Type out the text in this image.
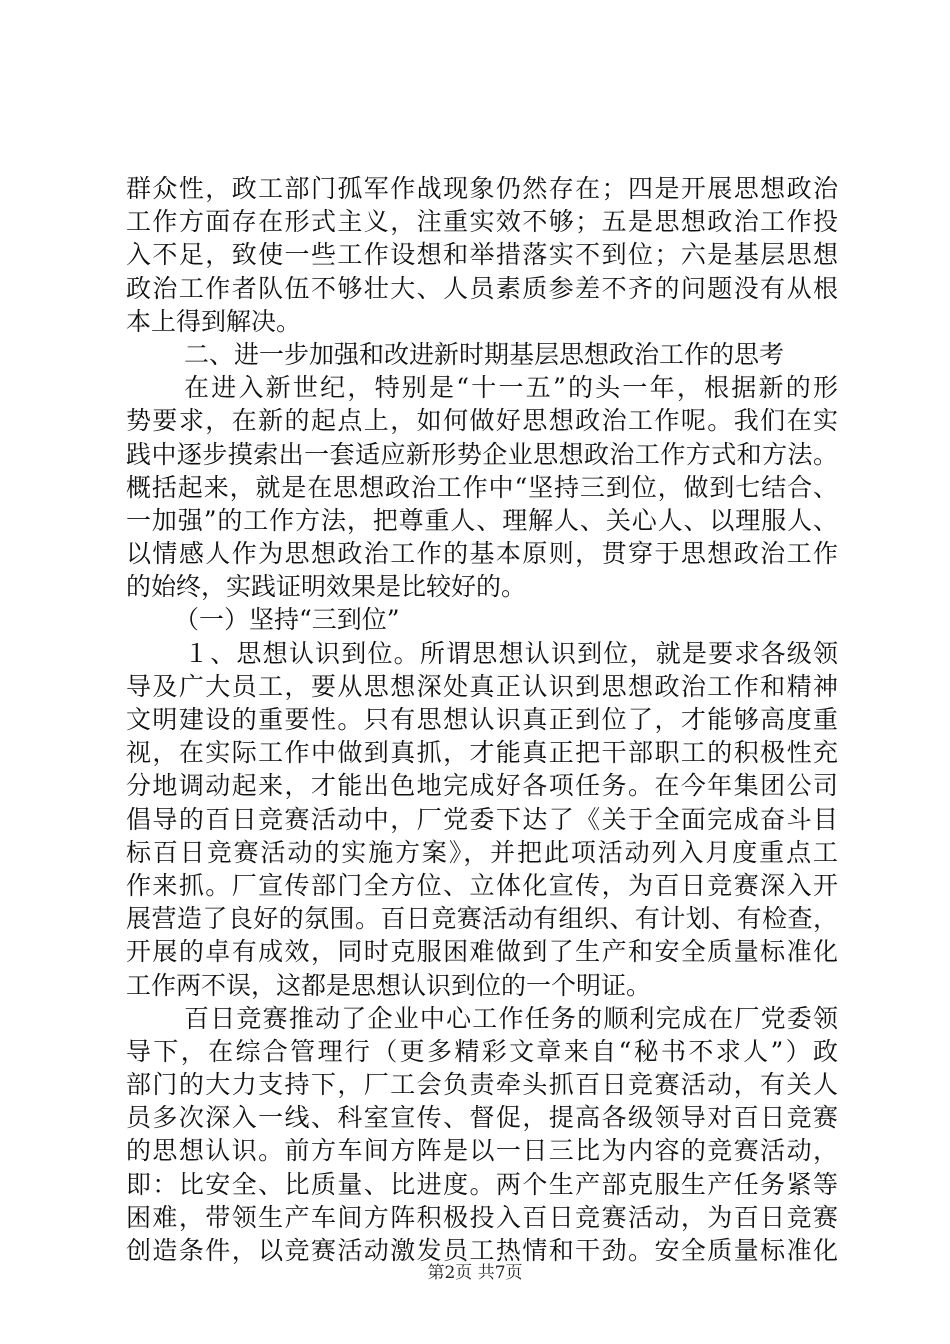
群众性，政工部门孤军作战现象仍然存在；四是开展思想政治
工作方面存在形式主义，注重实效不够；五是思想政治工作投
入不足，致使一些工作设想和举措落实不到位；六是基层思想
政治工作者队伍不够壮大、人员素质参差不齐的问题没有从根
本上得到解决。
二、进一步加强和改进新时期基层思想政治工作的思考
在进入新世纪，特别是“十一五”的头一年，根据新的形
势要求，在新的起点上，如何做好思想政治工作呢。我们在实
践中逐步摸索出一套适应新形势企业思想政治工作方式和方法。
概括起来，就是在思想政治工作中“坚持三到位，做到七结合、
一加强”的工作方法，把尊重人、理解人、关心人、以理服人、
以情感人作为思想政治工作的基本原则，贯穿于思想政治工作
的始终，实践证明效果是比较好的。
（一）坚持“三到位”
１、思想认识到位。所谓思想认识到位，就是要求各级领
导及广大员工，要从思想深处真正认识到思想政治工作和精神
文明建设的重要性。只有思想认识真正到位了，才能够高度重
视，在实际工作中做到真抓，才能真正把干部职工的积极性充
分地调动起来，才能出色地完成好各项任务。在今年集团公司
倡导的百日竞赛活动中，厂党委下达了《关于全面完成奋斗目
标百日竞赛活动的实施方案》，并把此项活动列入月度重点工
作来抓。厂宣传部门全方位、立体化宣传，为百日竞赛深入开
展营造了良好的氛围。百日竞赛活动有组织、有计划、有检查，
开展的卓有成效，同时克服困难做到了生产和安全质量标准化
工作两不误，这都是思想认识到位的一个明证。
百日竞赛推动了企业中心工作任务的顺利完成在厂党委领
导下，在综合管理行（更多精彩文章来自“秘书不求人”）政
部门的大力支持下，厂工会负责牵头抓百日竞赛活动，有关人
员多次深入一线、科室宣传、督促，提高各级领导对百日竞赛
的思想认识。前方车间方阵是以一日三比为内容的竞赛活动，
即：比安全、比质量、比进度。两个生产部克服生产任务紧等
困难，带领生产车间方阵积极投入百日竞赛活动，为百日竞赛
创造条件，以竞赛活动激发员工热情和干劲。安全质量标准化
第2页 共7页
